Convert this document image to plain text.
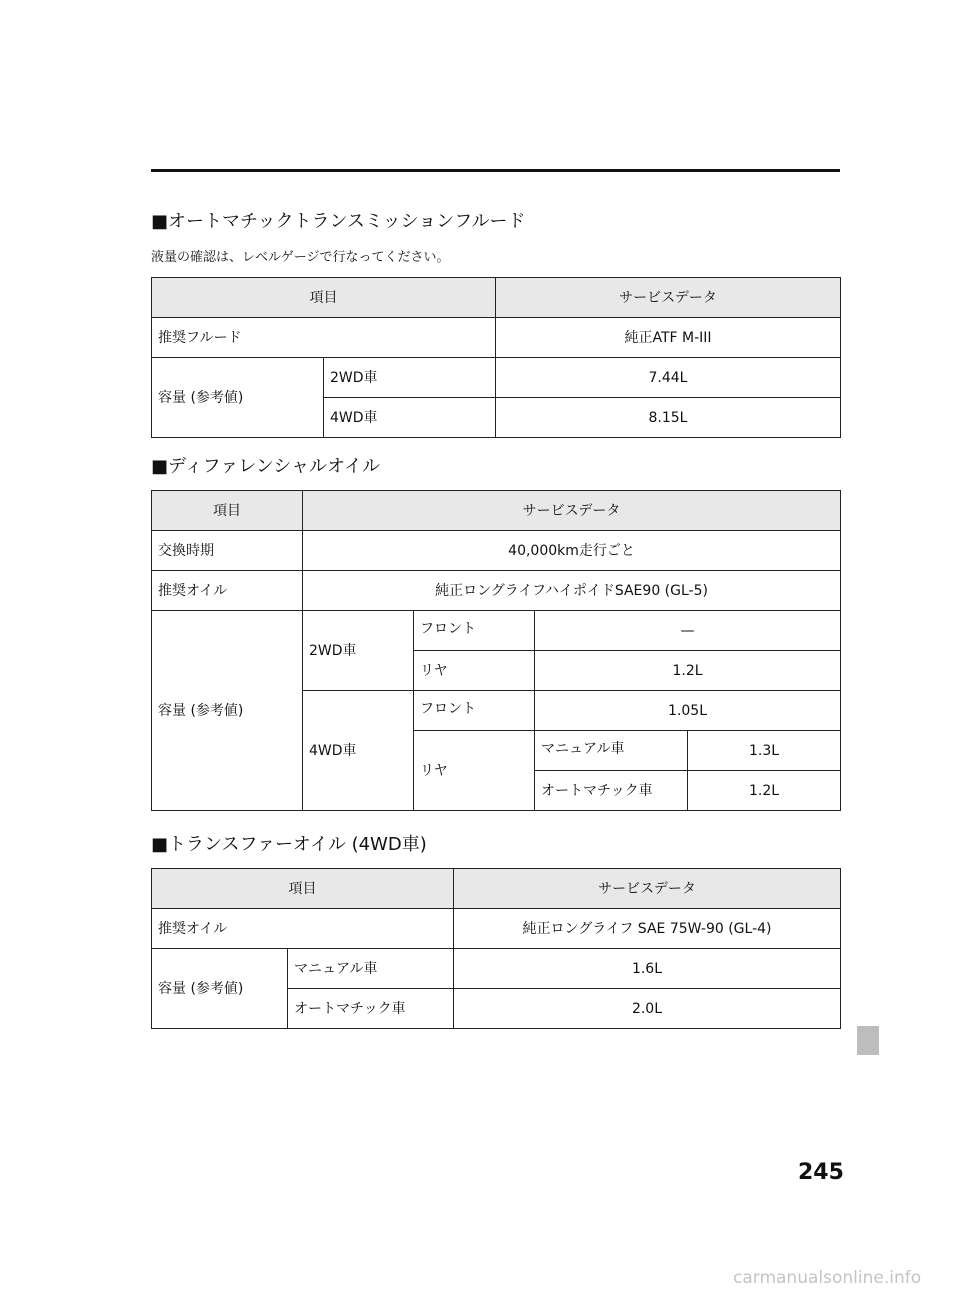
■オートマチックトランスミッションフルード
液量の確認は、レベルゲージで行なってください。
項目		サービスデータ
推奨フルード		純正ATF M-III
容量 (参考値)	2WD車	7.44L
	4WD車	8.15L
■ディファレンシャルオイル
項目	サービスデータ			
交換時期	40,000km走行ごと			
推奨オイル	純正ロングライフハイポイドSAE90 (GL-5)			
容量 (参考値)	2WD車	フロント	—	
		リヤ	1.2L	
	4WD車	フロント	1.05L	
		リヤ	マニュアル車	1.3L
			オートマチック車	1.2L
■トランスファーオイル (4WD車)
項目		サービスデータ
推奨オイル		純正ロングライフ SAE 75W-90 (GL-4)
容量 (参考値)	マニュアル車	1.6L
	オートマチック車	2.0L
245
carmanualsonline.info
